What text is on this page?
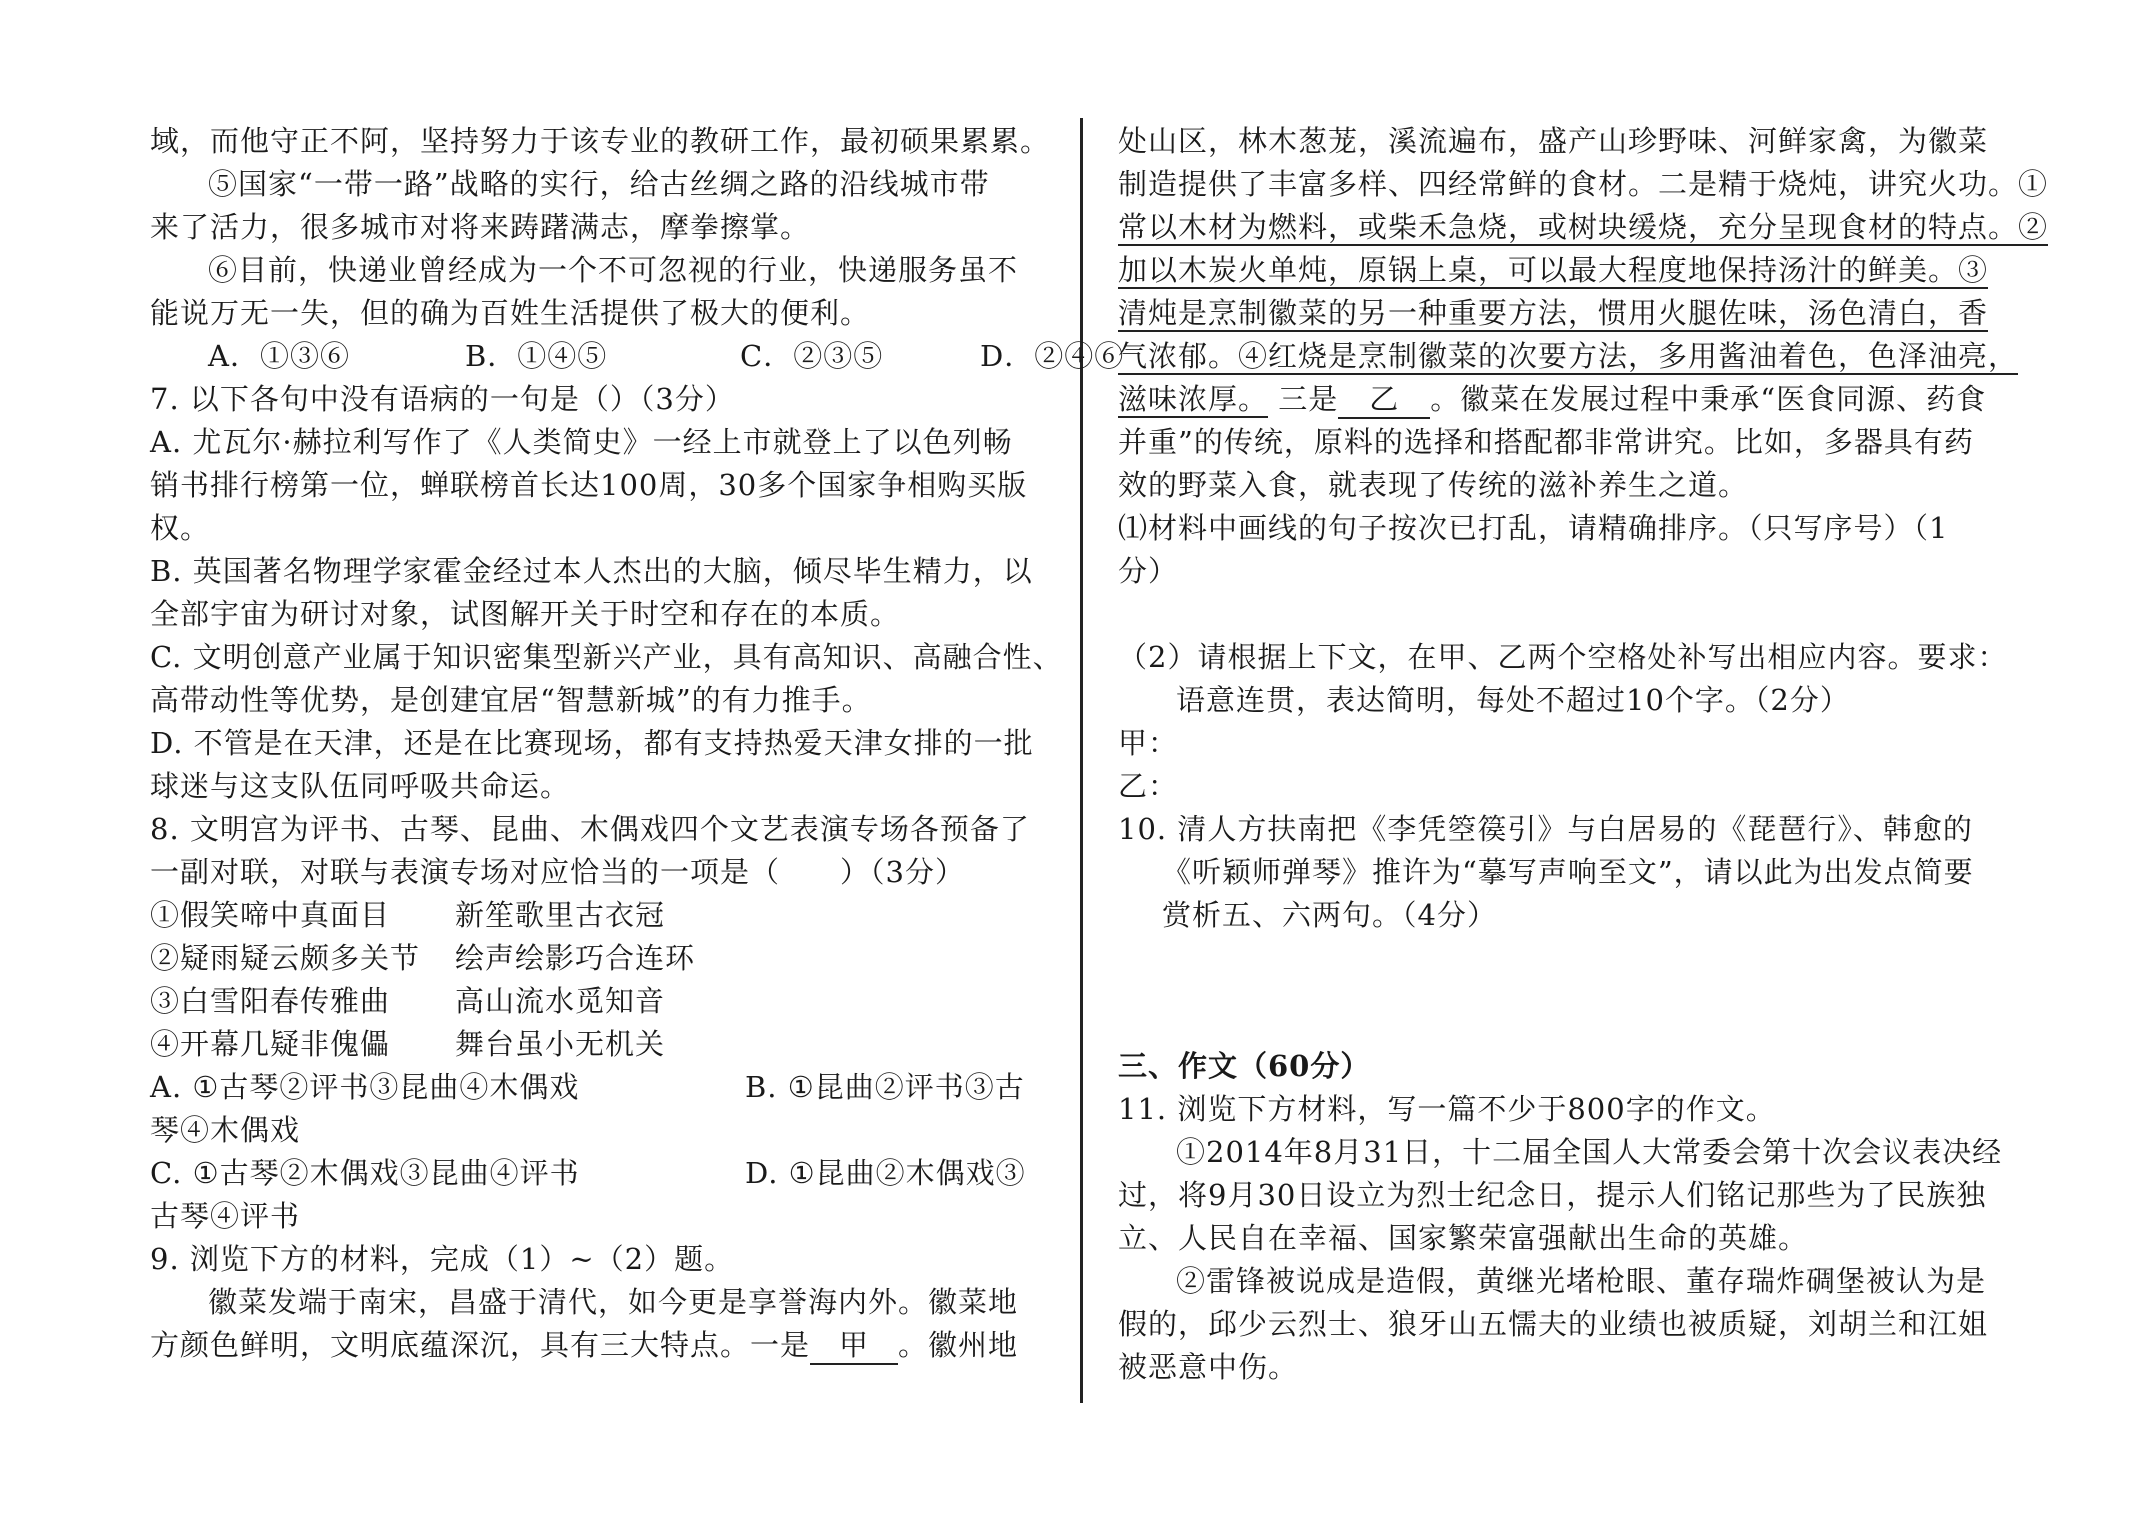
域，而他守正不阿，坚持努力于该专业的教研工作，最初硕果累累。
⑤国家“一带一路”战略的实行，给古丝绸之路的沿线城市带
来了活力，很多城市对将来踌躇满志，摩拳擦掌。
⑥目前，快递业曾经成为一个不可忽视的行业，快递服务虽不
能说万无一失，但的确为百姓生活提供了极大的便利。
A．①③⑥	B．①④⑤	C．②③⑤	D．②④⑥
7. 以下各句中没有语病的一句是（）（3分）
A. 尤瓦尔·赫拉利写作了《人类简史》一经上市就登上了以色列畅
销书排行榜第一位，蝉联榜首长达100周，30多个国家争相购买版
权。
B. 英国著名物理学家霍金经过本人杰出的大脑，倾尽毕生精力，以
全部宇宙为研讨对象，试图解开关于时空和存在的本质。
C. 文明创意产业属于知识密集型新兴产业，具有高知识、高融合性、
高带动性等优势，是创建宜居“智慧新城”的有力推手。
D. 不管是在天津，还是在比赛现场，都有支持热爱天津女排的一批
球迷与这支队伍同呼吸共命运。
8. 文明宫为评书、古琴、昆曲、木偶戏四个文艺表演专场各预备了
一副对联，对联与表演专场对应恰当的一项是（　　）（3分）
①假笑啼中真面目 新笙歌里古衣冠
②疑雨疑云颇多关节 绘声绘影巧合连环
③白雪阳春传雅曲 高山流水觅知音
④开幕几疑非傀儡 舞台虽小无机关
A. ①古琴②评书③昆曲④木偶戏	B. ①昆曲②评书③古
琴④木偶戏
C. ①古琴②木偶戏③昆曲④评书	D. ①昆曲②木偶戏③
古琴④评书
9. 浏览下方的材料，完成（1）~（2）题。
徽菜发端于南宋，昌盛于清代，如今更是享誉海内外。徽菜地
方颜色鲜明，文明底蕴深沉，具有三大特点。一是 甲 。徽州地
处山区，林木葱茏，溪流遍布，盛产山珍野味、河鲜家禽，为徽菜
制造提供了丰富多样、四经常鲜的食材。二是精于烧炖，讲究火功。①
常以木材为燃料，或柴禾急烧，或树块缓烧，充分呈现食材的特点。②
加以木炭火单炖，原锅上桌，可以最大程度地保持汤汁的鲜美。③
清炖是烹制徽菜的另一种重要方法，惯用火腿佐味，汤色清白，香
气浓郁。④红烧是烹制徽菜的次要方法，多用酱油着色，色泽油亮，
滋味浓厚。 三是 乙 。徽菜在发展过程中秉承“医食同源、药食
并重”的传统，原料的选择和搭配都非常讲究。比如，多器具有药
效的野菜入食，就表现了传统的滋补养生之道。
⑴材料中画线的句子按次已打乱，请精确排序。（只写序号）（1
分）
（2）请根据上下文，在甲、乙两个空格处补写出相应内容。要求：
语意连贯，表达简明，每处不超过10个字。（2分）
甲：
乙：
10. 清人方扶南把《李凭箜篌引》与白居易的《琵琶行》、韩愈的
《听颖师弹琴》推许为“摹写声响至文”，请以此为出发点简要
赏析五、六两句。（4分）
三、作文（60分）
11. 浏览下方材料，写一篇不少于800字的作文。
①2014年8月31日，十二届全国人大常委会第十次会议表决经
过，将9月30日设立为烈士纪念日，提示人们铭记那些为了民族独
立、人民自在幸福、国家繁荣富强献出生命的英雄。
②雷锋被说成是造假，黄继光堵枪眼、董存瑞炸碉堡被认为是
假的，邱少云烈士、狼牙山五懦夫的业绩也被质疑，刘胡兰和江姐
被恶意中伤。
